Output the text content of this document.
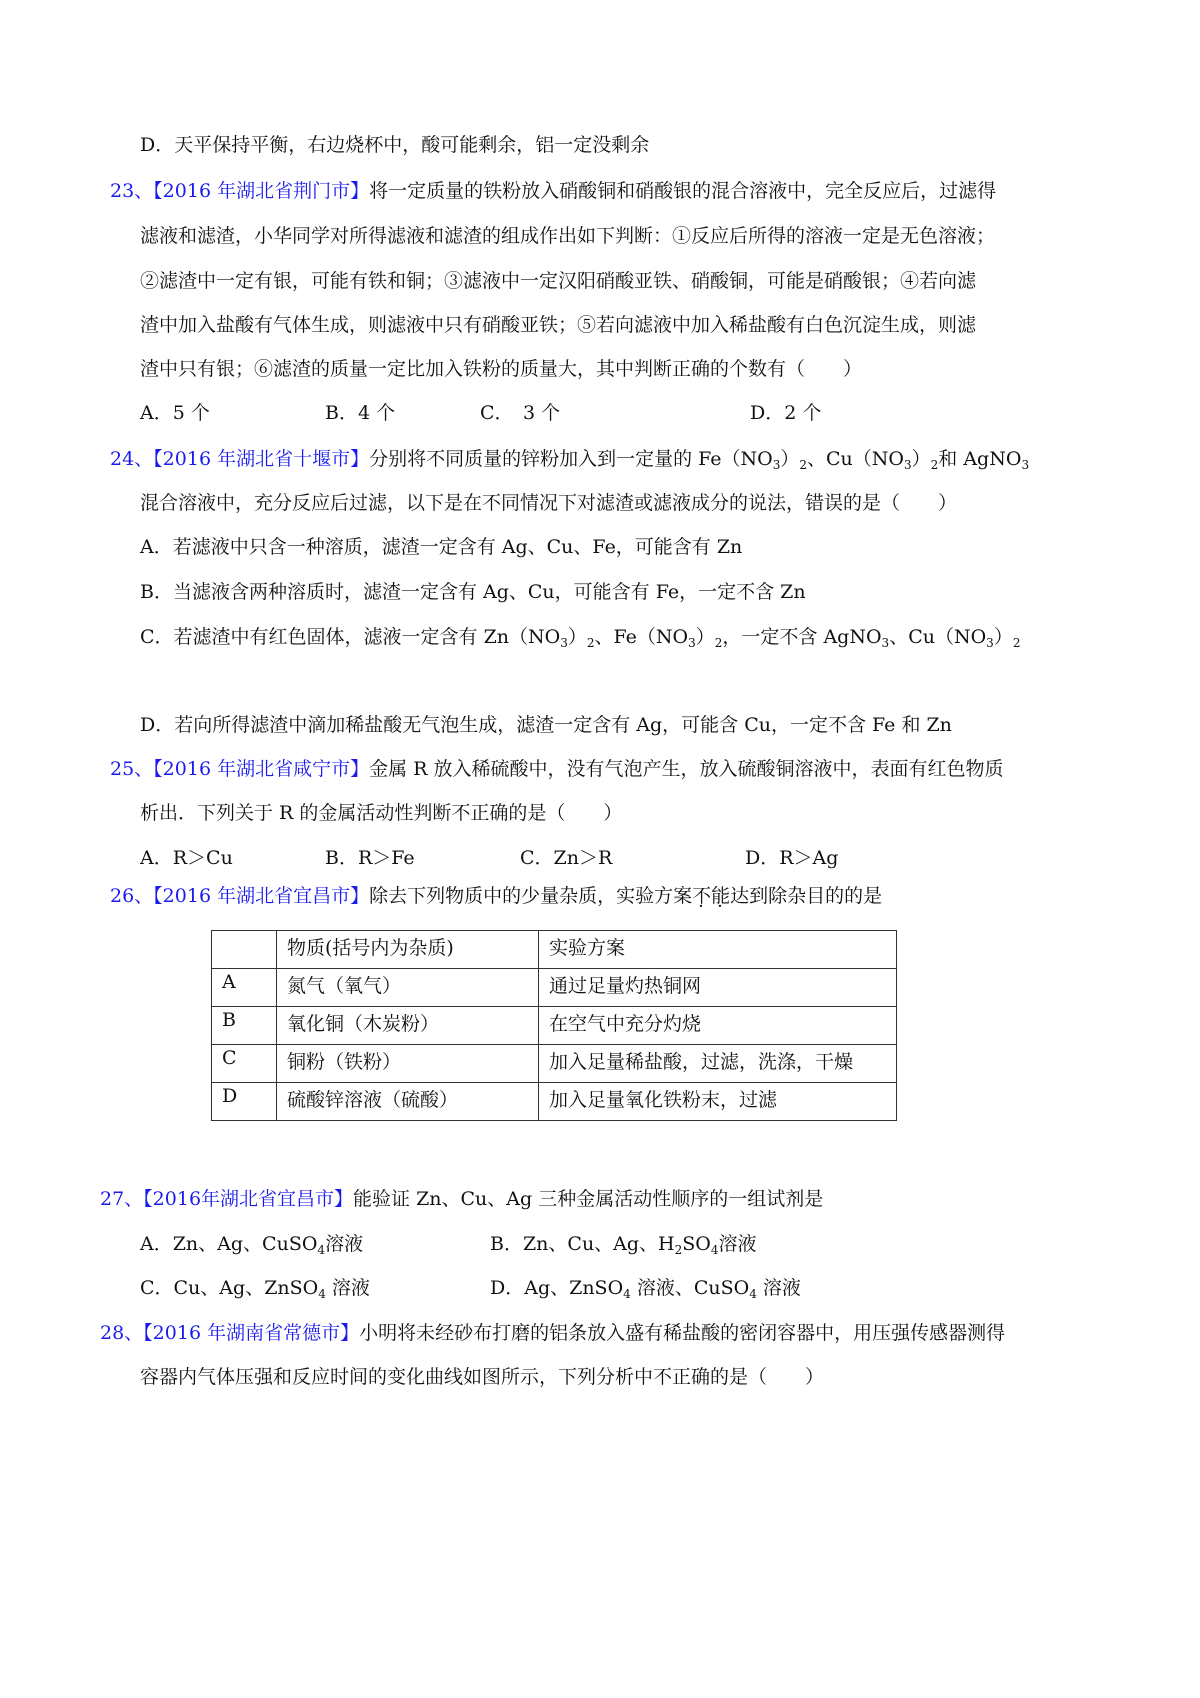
D．天平保持平衡，右边烧杯中，酸可能剩余，铝一定没剩余
23、【2016 年湖北省荆门市】将一定质量的铁粉放入硝酸铜和硝酸银的混合溶液中，完全反应后，过滤得
滤液和滤渣，小华同学对所得滤液和滤渣的组成作出如下判断：①反应后所得的溶液一定是无色溶液；
②滤渣中一定有银，可能有铁和铜；③滤液中一定汉阳硝酸亚铁、硝酸铜，可能是硝酸银；④若向滤
渣中加入盐酸有气体生成，则滤液中只有硝酸亚铁；⑤若向滤液中加入稀盐酸有白色沉淀生成，则滤
渣中只有银；⑥滤渣的质量一定比加入铁粉的质量大，其中判断正确的个数有（　　）
A．5 个	B．4 个	C．　3 个	D．2 个
24、【2016 年湖北省十堰市】分别将不同质量的锌粉加入到一定量的 $Fe(NO_3)_2$、$Cu(NO_3)_2$和 AgNO$_3$
混合溶液中，充分反应后过滤，以下是在不同情况下对滤渣或滤液成分的说法，错误的是（　　）
A．若滤液中只含一种溶质，滤渣一定含有 Ag、Cu、Fe，可能含有 Zn
B．当滤液含两种溶质时，滤渣一定含有 Ag、Cu，可能含有 Fe，一定不含 Zn
C．若滤渣中有红色固体，滤液一定含有 $Zn(NO_3)_2$、$Fe(NO_3)_2$，一定不含 AgNO$_3$、$Cu(NO_3)_2$
D．若向所得滤渣中滴加稀盐酸无气泡生成，滤渣一定含有 Ag，可能含 Cu，一定不含 Fe 和 Zn
25、【2016 年湖北省咸宁市】金属 R 放入稀硫酸中，没有气泡产生，放入硫酸铜溶液中，表面有红色物质
析出．下列关于 R 的金属活动性判断不正确的是（　　）
A．R＞Cu	B．R＞Fe	C．Zn＞R	D．R＞Ag
26、【2016 年湖北省宜昌市】除去下列物质中的少量杂质，实验方案不能达到除杂目的的是
	物质(括号内为杂质)	实验方案
A	氮气（氧气）	通过足量灼热铜网
B	氧化铜（木炭粉）	在空气中充分灼烧
C	铜粉（铁粉）	加入足量稀盐酸，过滤，洗涤，干燥
D	硫酸锌溶液（硫酸）	加入足量氧化铁粉末，过滤
27、【2016年湖北省宜昌市】能验证 Zn、Cu、Ag 三种金属活动性顺序的一组试剂是
A．Zn、Ag、CuSO$_4$溶液	B．Zn、Cu、Ag、$H_2SO_4$溶液
C．Cu、Ag、ZnSO$_4$ 溶液	D．Ag、ZnSO$_4$ 溶液、CuSO$_4$ 溶液
28、【2016 年湖南省常德市】小明将未经砂布打磨的铝条放入盛有稀盐酸的密闭容器中，用压强传感器测得
容器内气体压强和反应时间的变化曲线如图所示，下列分析中不正确的是（　　）
